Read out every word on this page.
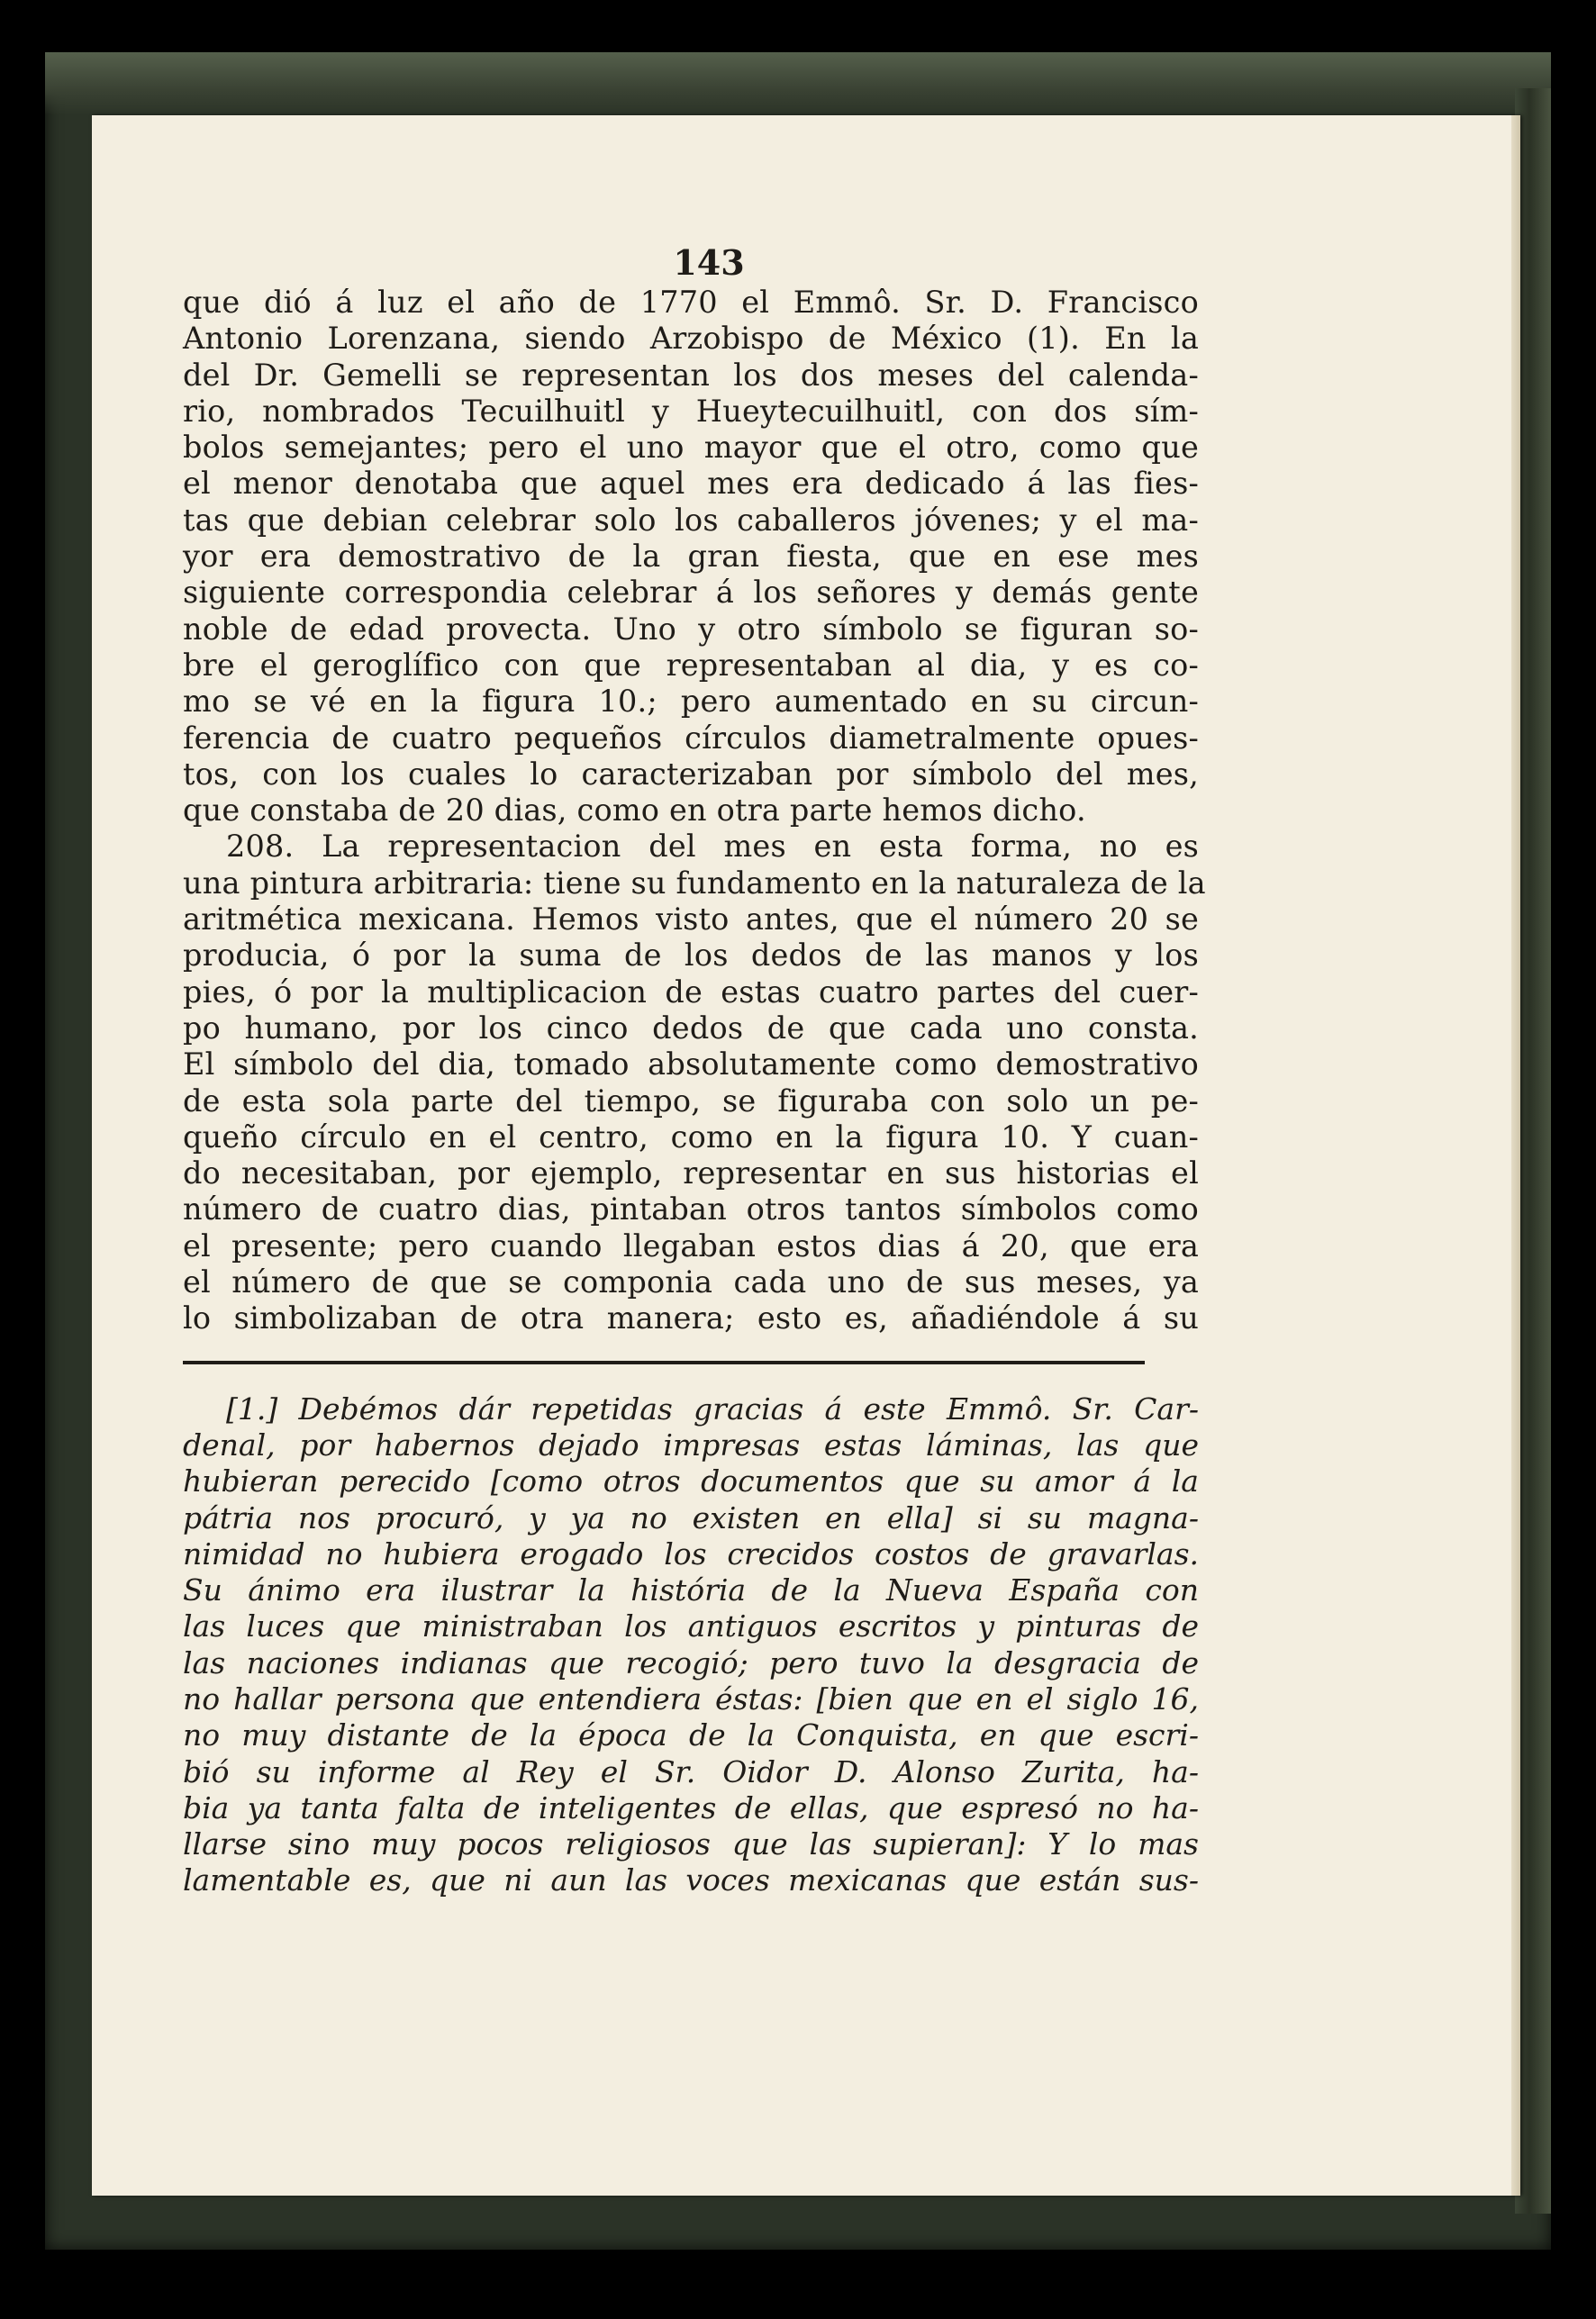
143
que dió á luz el año de 1770 el Emmô. Sr. D. Francisco
Antonio Lorenzana, siendo Arzobispo de México (1). En la
del Dr. Gemelli se representan los dos meses del calenda-
rio, nombrados Tecuilhuitl y Hueytecuilhuitl, con dos sím-
bolos semejantes; pero el uno mayor que el otro, como que
el menor denotaba que aquel mes era dedicado á las fies-
tas que debian celebrar solo los caballeros jóvenes; y el ma-
yor era demostrativo de la gran fiesta, que en ese mes
siguiente correspondia celebrar á los señores y demás gente
noble de edad provecta. Uno y otro símbolo se figuran so-
bre el geroglífico con que representaban al dia, y es co-
mo se vé en la figura 10.; pero aumentado en su circun-
ferencia de cuatro pequeños círculos diametralmente opues-
tos, con los cuales lo caracterizaban por símbolo del mes,
que constaba de 20 dias, como en otra parte hemos dicho.
208. La representacion del mes en esta forma, no es
una pintura arbitraria: tiene su fundamento en la naturaleza de la
aritmética mexicana. Hemos visto antes, que el número 20 se
producia, ó por la suma de los dedos de las manos y los
pies, ó por la multiplicacion de estas cuatro partes del cuer-
po humano, por los cinco dedos de que cada uno consta.
El símbolo del dia, tomado absolutamente como demostrativo
de esta sola parte del tiempo, se figuraba con solo un pe-
queño círculo en el centro, como en la figura 10. Y cuan-
do necesitaban, por ejemplo, representar en sus historias el
número de cuatro dias, pintaban otros tantos símbolos como
el presente; pero cuando llegaban estos dias á 20, que era
el número de que se componia cada uno de sus meses, ya
lo simbolizaban de otra manera; esto es, añadiéndole á su
[1.] Debémos dár repetidas gracias á este Emmô. Sr. Car-
denal, por habernos dejado impresas estas láminas, las que
hubieran perecido [como otros documentos que su amor á la
pátria nos procuró, y ya no existen en ella] si su magna-
nimidad no hubiera erogado los crecidos costos de gravarlas.
Su ánimo era ilustrar la história de la Nueva España con
las luces que ministraban los antiguos escritos y pinturas de
las naciones indianas que recogió; pero tuvo la desgracia de
no hallar persona que entendiera éstas: [bien que en el siglo 16,
no muy distante de la época de la Conquista, en que escri-
bió su informe al Rey el Sr. Oidor D. Alonso Zurita, ha-
bia ya tanta falta de inteligentes de ellas, que espresó no ha-
llarse sino muy pocos religiosos que las supieran]: Y lo mas
lamentable es, que ni aun las voces mexicanas que están sus-
